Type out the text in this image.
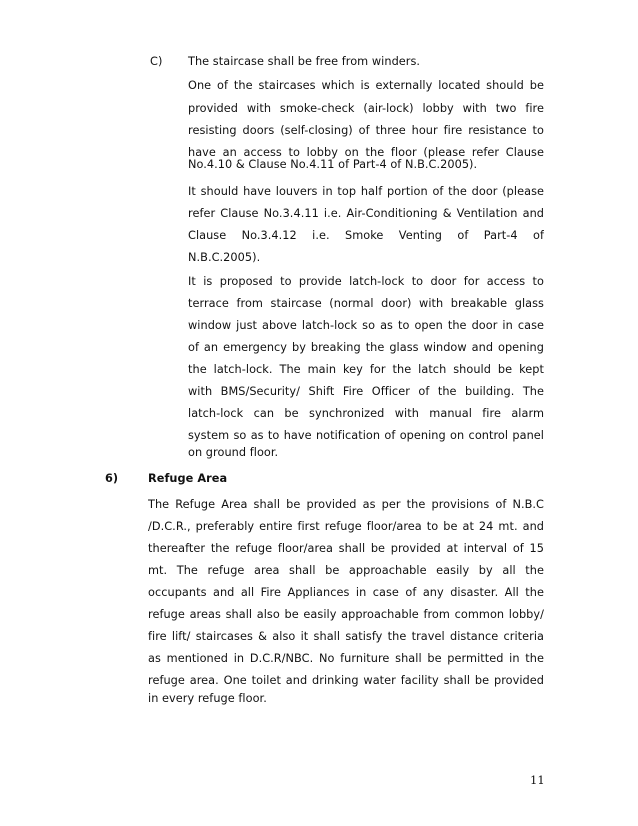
C) The staircase shall be free from winders.
One of the staircases which is externally located should be
provided with smoke-check (air-lock) lobby with two fire
resisting doors (self-closing) of three hour fire resistance to
have an access to lobby on the floor (please refer Clause
No.4.10 & Clause No.4.11 of Part-4 of N.B.C.2005).
It should have louvers in top half portion of the door (please
refer Clause No.3.4.11 i.e. Air-Conditioning & Ventilation and
Clause No.3.4.12 i.e. Smoke Venting of Part-4 of
N.B.C.2005).
It is proposed to provide latch-lock to door for access to
terrace from staircase (normal door) with breakable glass
window just above latch-lock so as to open the door in case
of an emergency by breaking the glass window and opening
the latch-lock. The main key for the latch should be kept
with BMS/Security/ Shift Fire Officer of the building. The
latch-lock can be synchronized with manual fire alarm
system so as to have notification of opening on control panel
on ground floor.
6)	Refuge Area
The Refuge Area shall be provided as per the provisions of N.B.C
/D.C.R., preferably entire first refuge floor/area to be at 24 mt. and
thereafter the refuge floor/area shall be provided at interval of 15
mt. The refuge area shall be approachable easily by all the
occupants and all Fire Appliances in case of any disaster. All the
refuge areas shall also be easily approachable from common lobby/
fire lift/ staircases & also it shall satisfy the travel distance criteria
as mentioned in D.C.R/NBC. No furniture shall be permitted in the
refuge area. One toilet and drinking water facility shall be provided
in every refuge floor.
11
